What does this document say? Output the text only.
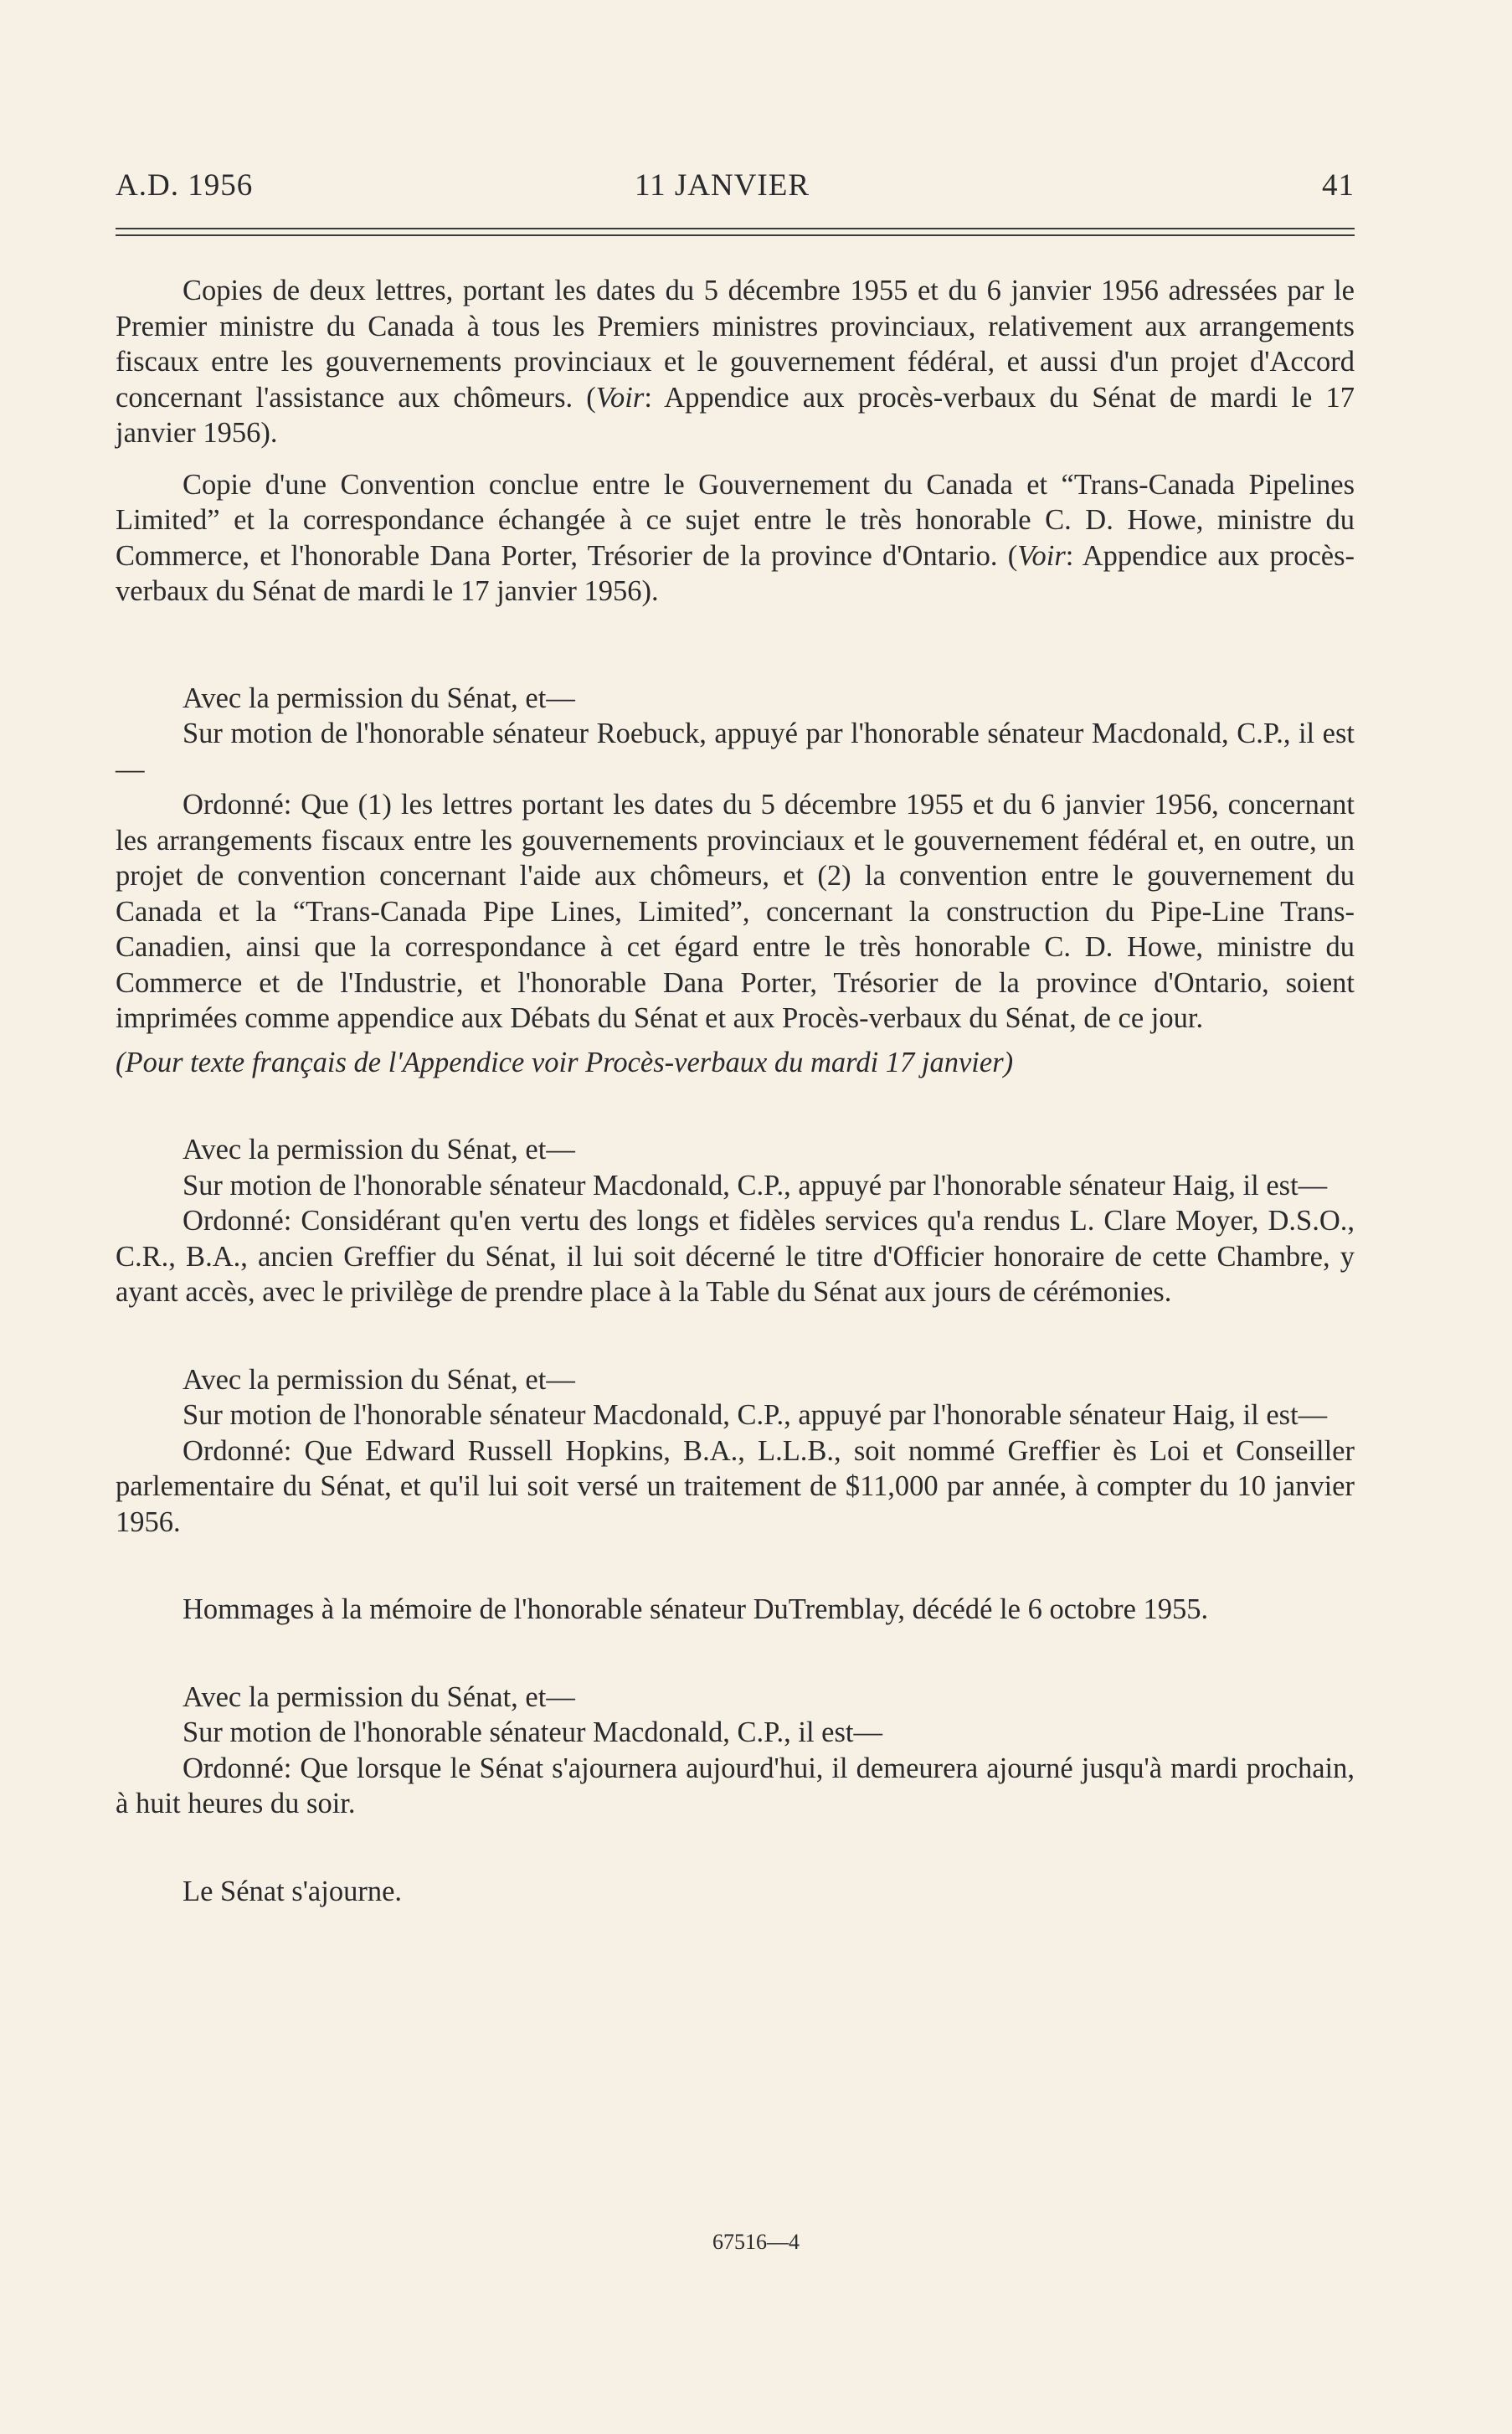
A.D. 1956	11 JANVIER	41

Copies de deux lettres, portant les dates du 5 décembre 1955 et du 6 janvier 1956 adressées par le Premier ministre du Canada à tous les Premiers ministres provinciaux, relativement aux arrangements fiscaux entre les gouvernements provinciaux et le gouvernement fédéral, et aussi d'un projet d'Accord concernant l'assistance aux chômeurs. (Voir: Appendice aux procès-verbaux du Sénat de mardi le 17 janvier 1956).

Copie d'une Convention conclue entre le Gouvernement du Canada et “Trans-Canada Pipelines Limited” et la correspondance échangée à ce sujet entre le très honorable C. D. Howe, ministre du Commerce, et l'honorable Dana Porter, Trésorier de la province d'Ontario. (Voir: Appendice aux procès-verbaux du Sénat de mardi le 17 janvier 1956).

Avec la permission du Sénat, et—

Sur motion de l'honorable sénateur Roebuck, appuyé par l'honorable sénateur Macdonald, C.P., il est—

Ordonné: Que (1) les lettres portant les dates du 5 décembre 1955 et du 6 janvier 1956, concernant les arrangements fiscaux entre les gouvernements provinciaux et le gouvernement fédéral et, en outre, un projet de convention concernant l'aide aux chômeurs, et (2) la convention entre le gouvernement du Canada et la “Trans-Canada Pipe Lines, Limited”, concernant la construction du Pipe-Line Trans-Canadien, ainsi que la correspondance à cet égard entre le très honorable C. D. Howe, ministre du Commerce et de l'Industrie, et l'honorable Dana Porter, Trésorier de la province d'Ontario, soient imprimées comme appendice aux Débats du Sénat et aux Procès-verbaux du Sénat, de ce jour.

(Pour texte français de l'Appendice voir Procès-verbaux du mardi 17 janvier)

Avec la permission du Sénat, et—

Sur motion de l'honorable sénateur Macdonald, C.P., appuyé par l'honorable sénateur Haig, il est—

Ordonné: Considérant qu'en vertu des longs et fidèles services qu'a rendus L. Clare Moyer, D.S.O., C.R., B.A., ancien Greffier du Sénat, il lui soit décerné le titre d'Officier honoraire de cette Chambre, y ayant accès, avec le privilège de prendre place à la Table du Sénat aux jours de cérémonies.

Avec la permission du Sénat, et—

Sur motion de l'honorable sénateur Macdonald, C.P., appuyé par l'honorable sénateur Haig, il est—

Ordonné: Que Edward Russell Hopkins, B.A., L.L.B., soit nommé Greffier ès Loi et Conseiller parlementaire du Sénat, et qu'il lui soit versé un traitement de $11,000 par année, à compter du 10 janvier 1956.

Hommages à la mémoire de l'honorable sénateur DuTremblay, décédé le 6 octobre 1955.

Avec la permission du Sénat, et—

Sur motion de l'honorable sénateur Macdonald, C.P., il est—

Ordonné: Que lorsque le Sénat s'ajournera aujourd'hui, il demeurera ajourné jusqu'à mardi prochain, à huit heures du soir.

Le Sénat s'ajourne.

67516—4
